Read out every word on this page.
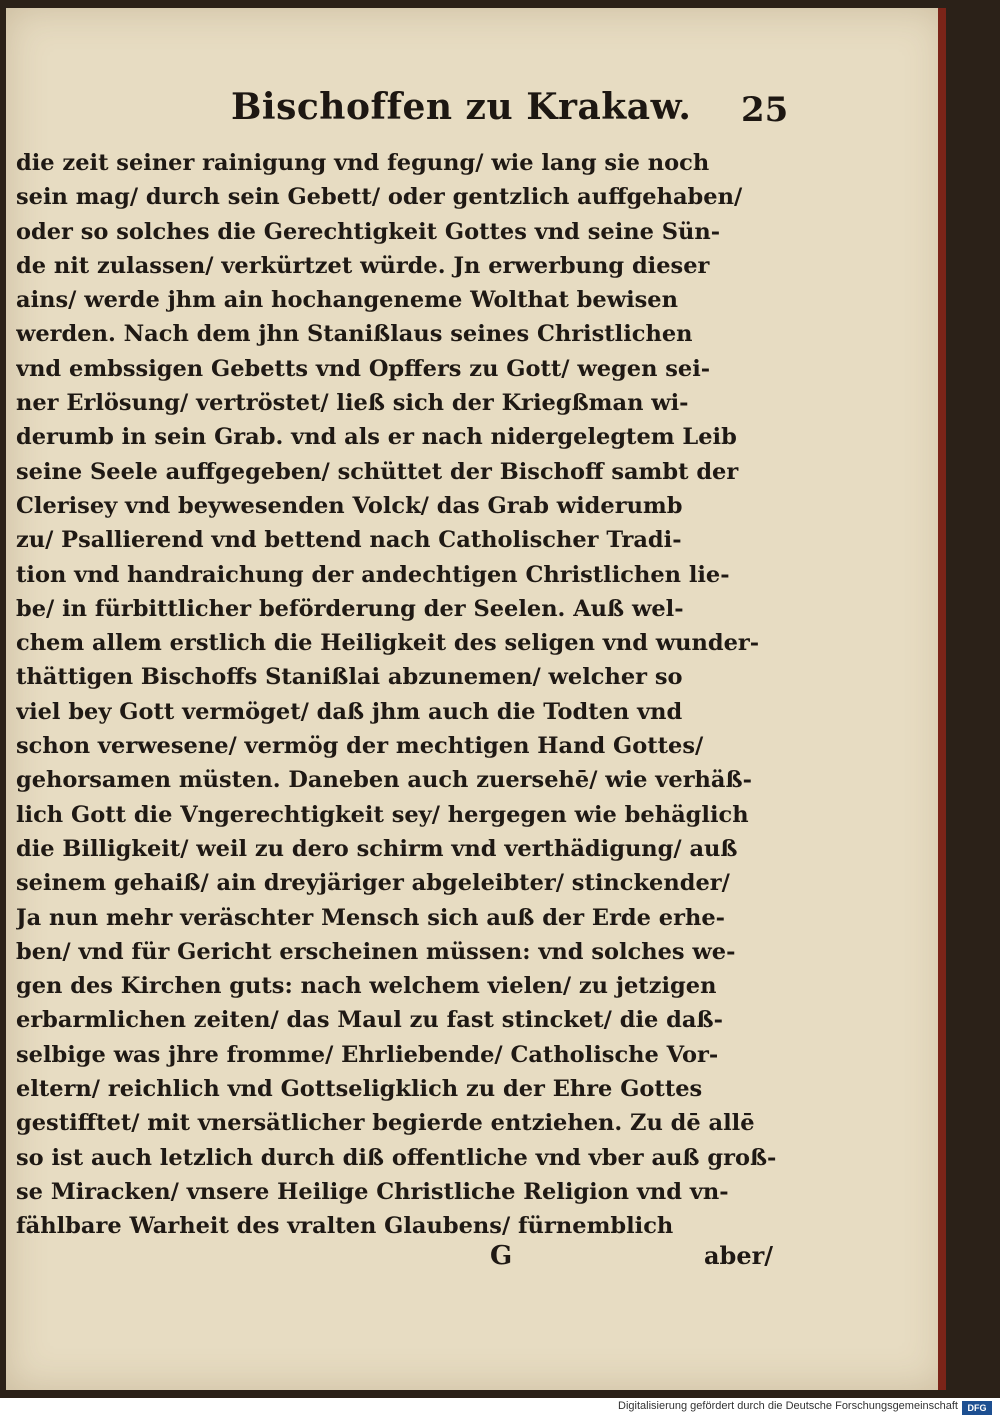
Bischoffen zu Krakaw. 25
die zeit seiner rainigung vnd fegung/ wie lang sie noch
sein mag/ durch sein Gebett/ oder gentzlich auffgehaben/
oder so solches die Gerechtigkeit Gottes vnd seine Sün-
de nit zulassen/ verkürtzet würde. Jn erwerbung dieser
ains/ werde jhm ain hochangeneme Wolthat bewisen
werden. Nach dem jhn Stanißlaus seines Christlichen
vnd embssigen Gebetts vnd Opffers zu Gott/ wegen sei-
ner Erlösung/ vertröstet/ ließ sich der Kriegßman wi-
derumb in sein Grab. vnd als er nach nidergelegtem Leib
seine Seele auffgegeben/ schüttet der Bischoff sambt der
Clerisey vnd beywesenden Volck/ das Grab widerumb
zu/ Psallierend vnd bettend nach Catholischer Tradi-
tion vnd handraichung der andechtigen Christlichen lie-
be/ in fürbittlicher beförderung der Seelen. Auß wel-
chem allem erstlich die Heiligkeit des seligen vnd wunder-
thättigen Bischoffs Stanißlai abzunemen/ welcher so
viel bey Gott vermöget/ daß jhm auch die Todten vnd
schon verwesene/ vermög der mechtigen Hand Gottes/
gehorsamen müsten. Daneben auch zuersehē/ wie verhäß-
lich Gott die Vngerechtigkeit sey/ hergegen wie behäglich
die Billigkeit/ weil zu dero schirm vnd verthädigung/ auß
seinem gehaiß/ ain dreyjäriger abgeleibter/ stinckender/
Ja nun mehr veräschter Mensch sich auß der Erde erhe-
ben/ vnd für Gericht erscheinen müssen: vnd solches we-
gen des Kirchen guts: nach welchem vielen/ zu jetzigen
erbarmlichen zeiten/ das Maul zu fast stincket/ die daß-
selbige was jhre fromme/ Ehrliebende/ Catholische Vor-
eltern/ reichlich vnd Gottseligklich zu der Ehre Gottes
gestifftet/ mit vnersätlicher begierde entziehen. Zu dē allē
so ist auch letzlich durch diß offentliche vnd vber auß groß-
se Miracken/ vnsere Heilige Christliche Religion vnd vn-
fählbare Warheit des vralten Glaubens/ fürnemblich
G	aber/
Digitalisierung gefördert durch die Deutsche Forschungsgemeinschaft	DFG
